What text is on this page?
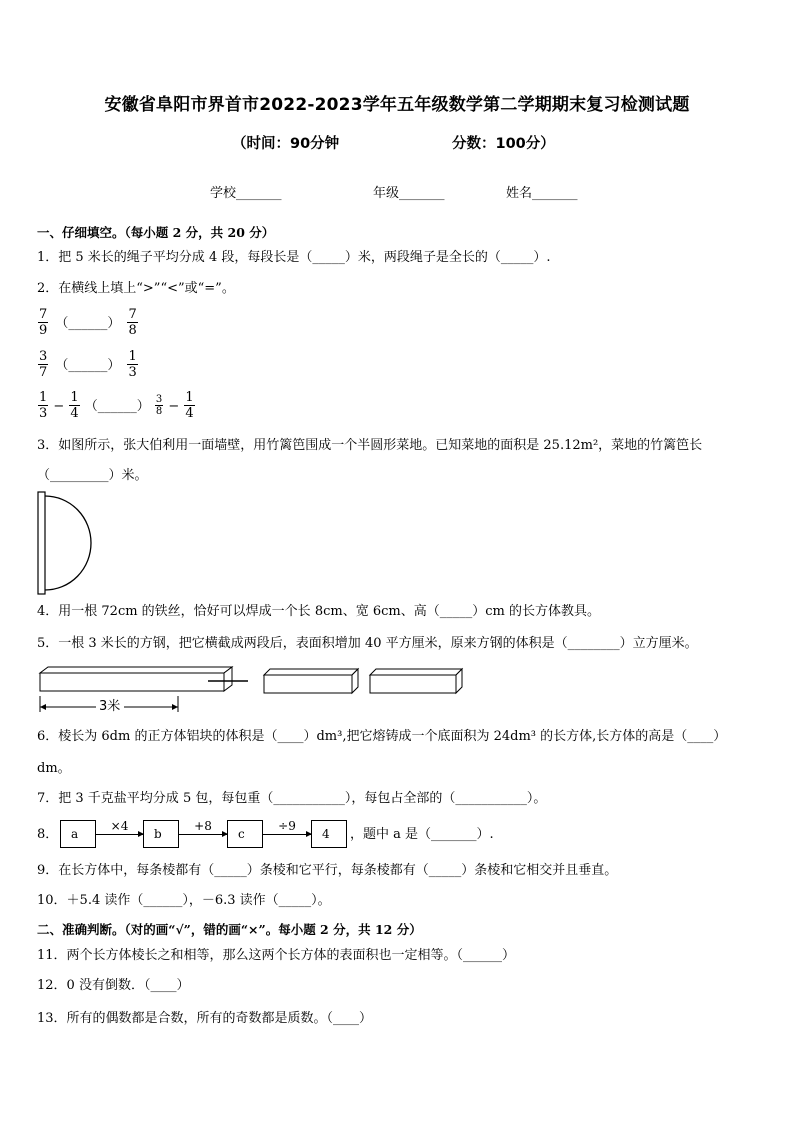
安徽省阜阳市界首市2022-2023学年五年级数学第二学期期末复习检测试题
（时间：90分钟	分数：100分）
学校_______	年级_______	姓名_______
一、仔细填空。（每小题 2 分，共 20 分）
1．把 5 米长的绳子平均分成 4 段，每段长是（_____）米，两段绳子是全长的（_____）.
2．在横线上填上“>”“<”或“=”。
$\frac{7}{9}$ （______） $\frac{7}{8}$
$\frac{3}{7}$ （______） $\frac{1}{3}$
$\frac{1}{3} - \frac{1}{4}$ （______） $\frac{3}{8} - \frac{1}{4}$
3．如图所示，张大伯利用一面墙壁，用竹篱笆围成一个半圆形菜地。已知菜地的面积是 25.12m²，菜地的竹篱笆长
（_________）米。
4．用一根 72cm 的铁丝，恰好可以焊成一个长 8cm、宽 6cm、高（_____）cm 的长方体教具。
5．一根 3 米长的方钢，把它横截成两段后，表面积增加 40 平方厘米，原来方钢的体积是（________）立方厘米。
3米
6．棱长为 6dm 的正方体铝块的体积是（____）dm³,把它熔铸成一个底面积为 24dm³ 的长方体,长方体的高是（____）
dm。
7．把 3 千克盐平均分成 5 包，每包重（___________），每包占全部的（___________）。
8．	a
×4
b
+8
c
÷9
4	，题中 a 是（_______）.
9．在长方体中，每条棱都有（_____）条棱和它平行，每条棱都有（_____）条棱和它相交并且垂直。
10．＋5.4 读作（______），－6.3 读作（_____）。
二、准确判断。（对的画“√”，错的画“×”。每小题 2 分，共 12 分）
11．两个长方体棱长之和相等，那么这两个长方体的表面积也一定相等。（______）
12．0 没有倒数．（____）
13．所有的偶数都是合数，所有的奇数都是质数。（____）
